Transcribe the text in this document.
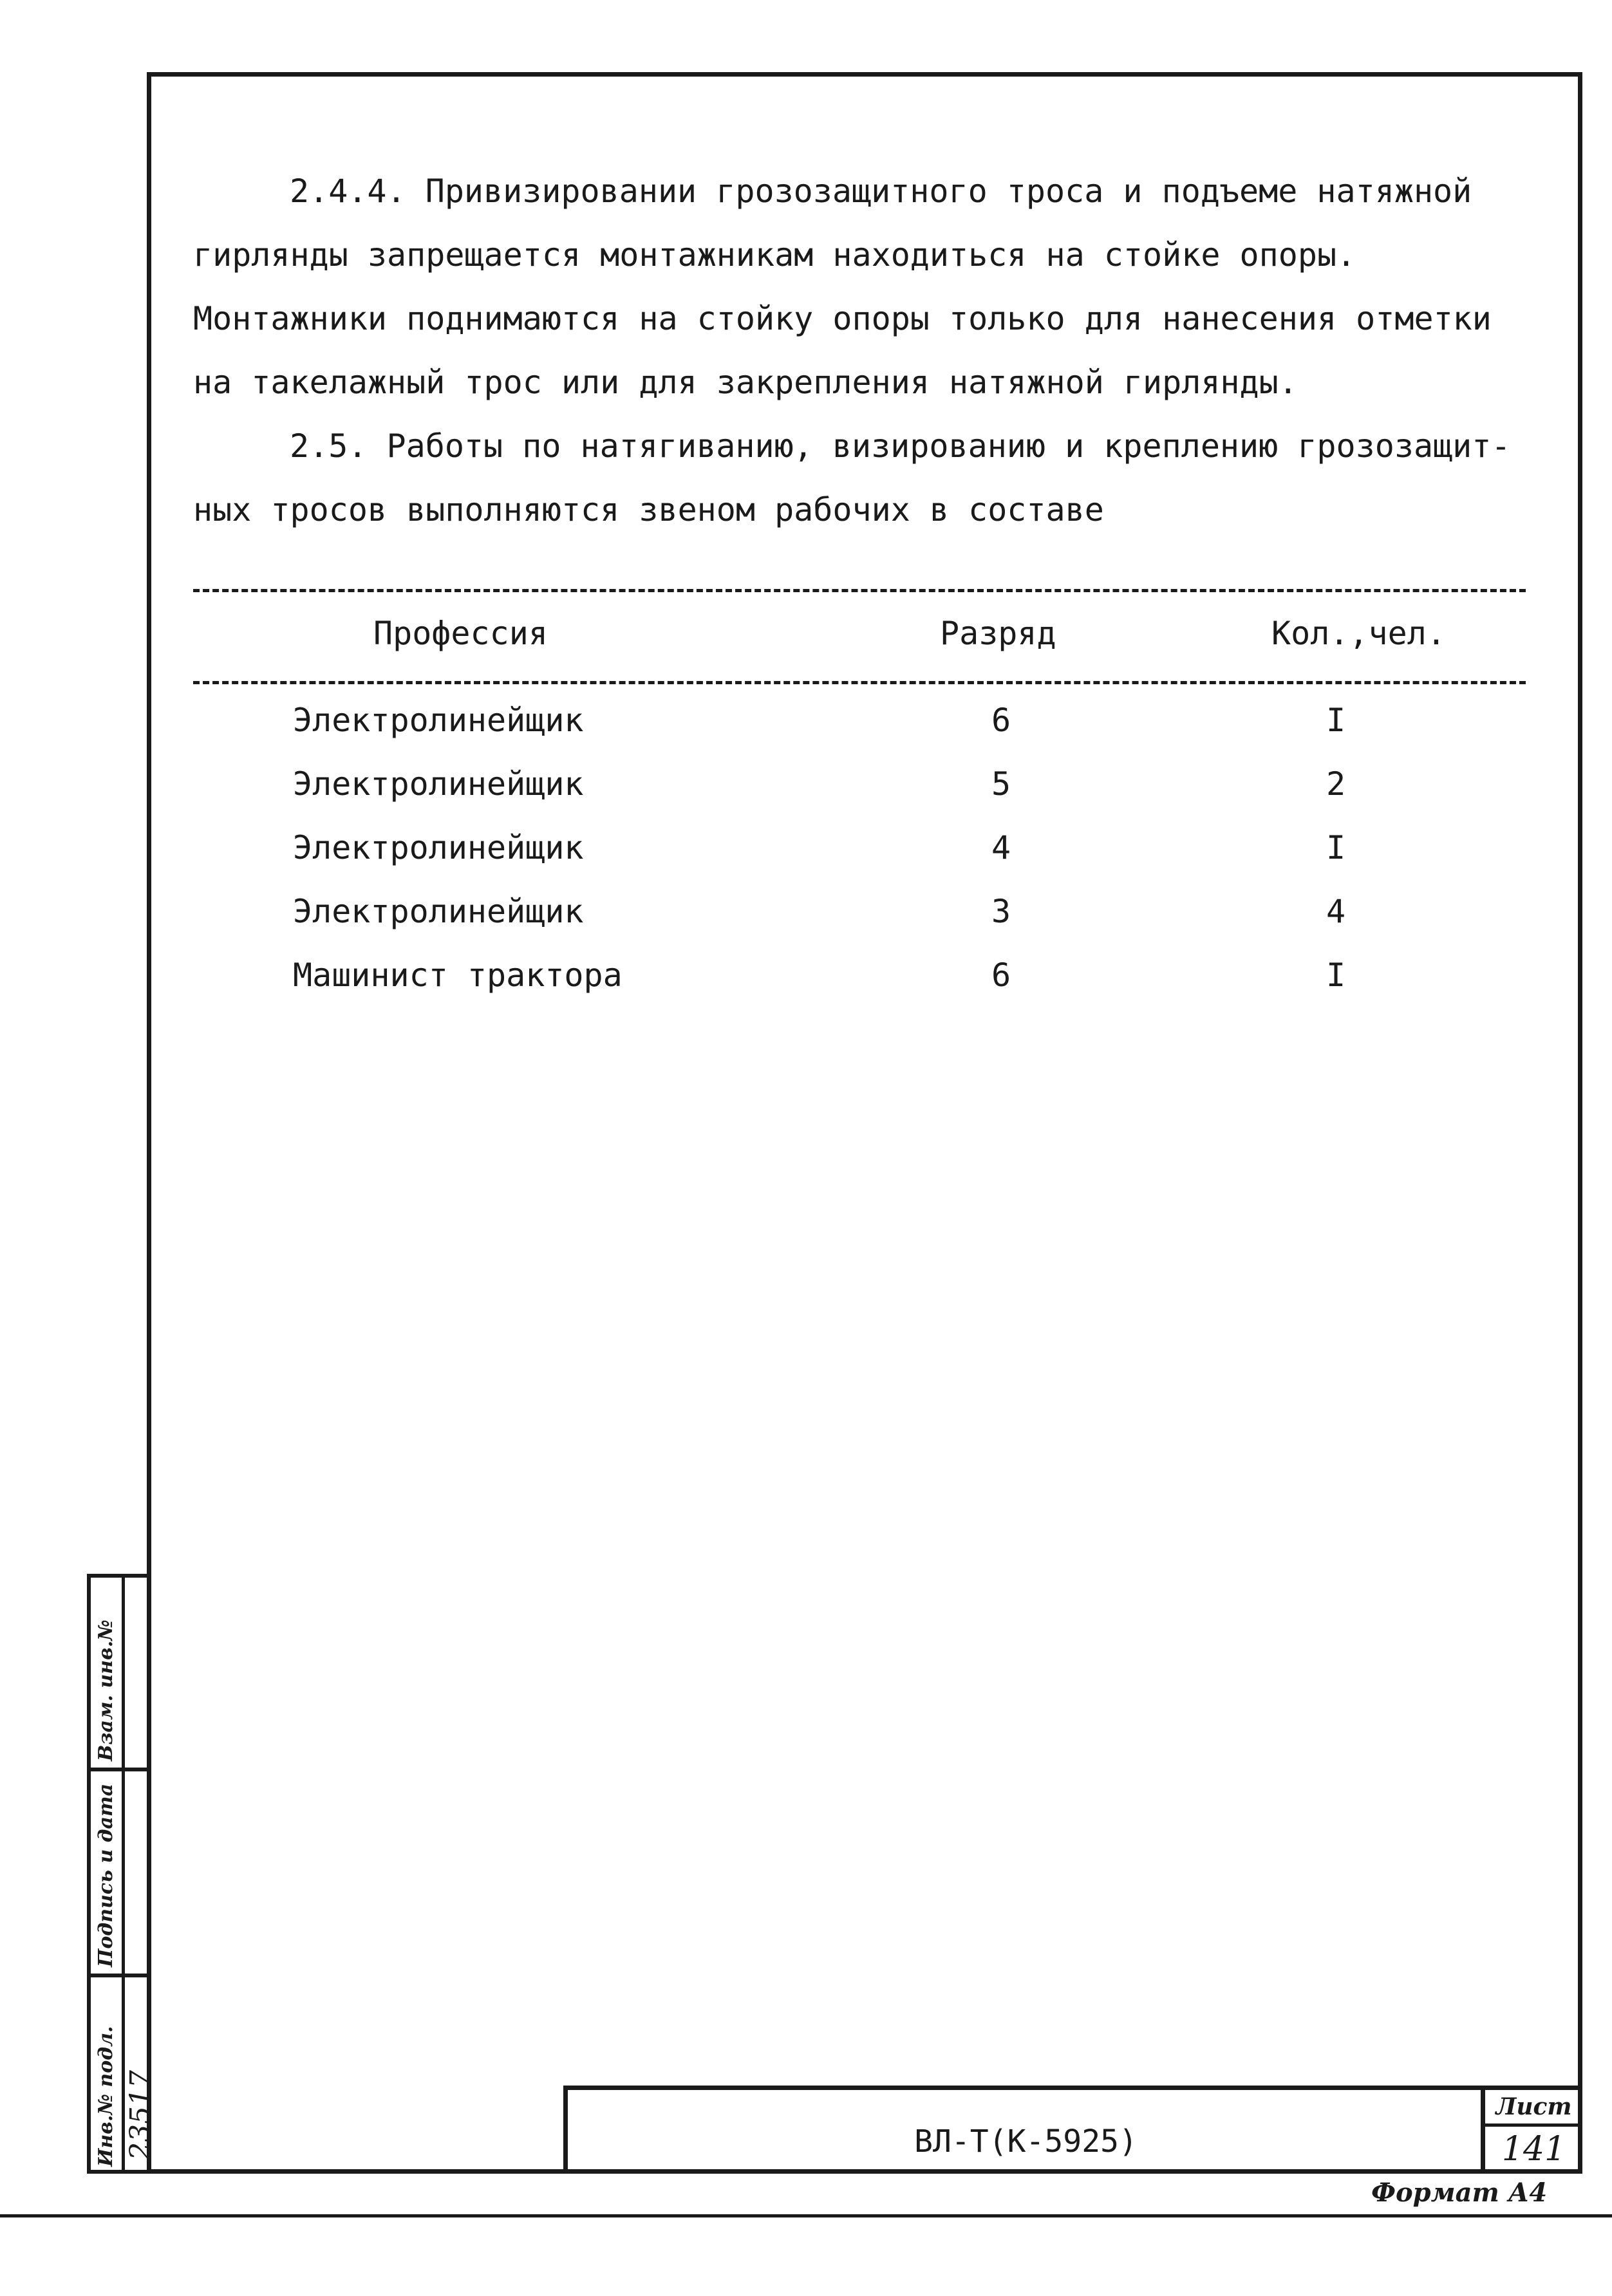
2.4.4. Привизировании грозозащитного троса и подъеме натяжной
гирлянды запрещается монтажникам находиться на стойке опоры. Монтажники поднимаются на стойку опоры только для нанесения отметки на такелажный трос или для закрепления натяжной гирлянды.

2.5. Работы по натягиванию, визированию и креплению грозозащит-
ных тросов выполняются звеном рабочих в составе

Профессия	Разряд	Кол.,чел.
Электролинейщик	6	I
Электролинейщик	5	2
Электролинейщик	4	I
Электролинейщик	3	4
Машинист трактора	6	I
Взам. инв.№
Подпись и дата
Инв.№ подл. 23517	ВЛ-Т(К-5925)
Лист
141
Формат А4
